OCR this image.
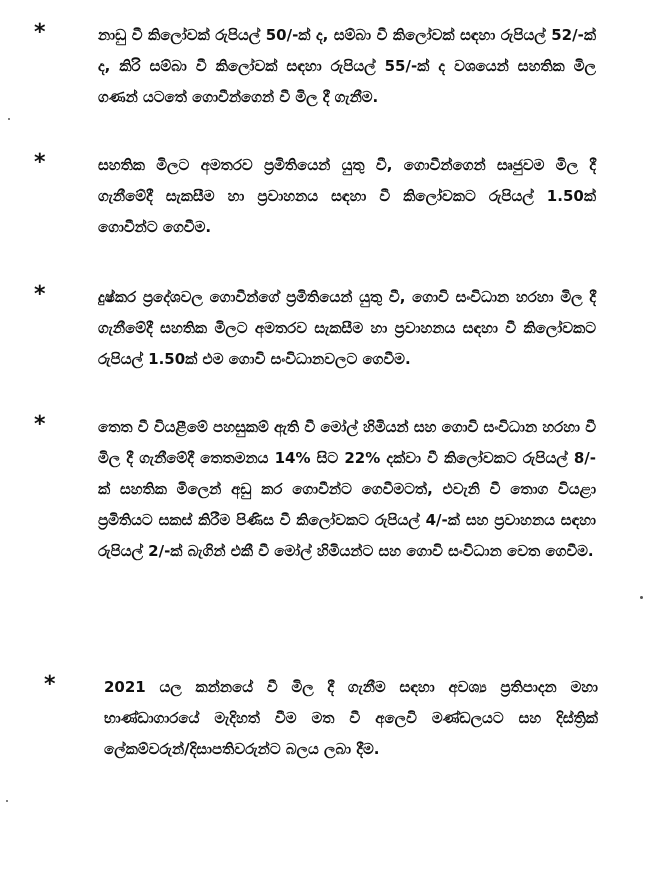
*	නාඩු වී කිලෝවක් රුපියල් 50/-ක් ද, සම්බා වී කිලෝවක් සඳහා රුපියල් 52/-ක් ද, කිරි සම්බා වී කිලෝවක් සඳහා රුපියල් 55/-ක් ද වශයෙන් සහතික මිල ගණන් යටතේ ගොවීන්ගෙන් වී මිල දී ගැනීම.

*	සහතික මිලට අමතරව ප්‍රමිතියෙන් යුතු වී, ගොවීන්ගෙන් සෘජුවම මිල දී ගැනීමේදී සැකසීම හා ප්‍රවාහනය සඳහා වී කිලෝවකට රුපියල් 1.50ක් ගොවීන්ට ගෙවීම.

*	දුෂ්කර ප්‍රදේශවල ගොවීන්ගේ ප්‍රමිතියෙන් යුතු වී, ගොවි සංවිධාන හරහා මිල දී ගැනීමේදී සහතික මිලට අමතරව සැකසීම හා ප්‍රවාහනය සඳහා වී කිලෝවකට රුපියල් 1.50ක් එම ගොවි සංවිධානවලට ගෙවීම.

*	තෙත වී වියළීමේ පහසුකම් ඇති වී මෝල් හිමියන් සහ ගොවි සංවිධාන හරහා වී මිල දී ගැනීමේදී තෙතමනය 14% සිට 22% දක්වා වී කිලෝවකට රුපියල් 8/-ක් සහතික මිලෙන් අඩු කර ගොවීන්ට ගෙවීමටත්, එවැනි වී තොග වියළා ප්‍රමිතියට සකස් කිරීම පිණිස වී කිලෝවකට රුපියල් 4/-ක් සහ ප්‍රවාහනය සඳහා රුපියල් 2/-ක් බැගින් එකී වී මෝල් හිමියන්ට සහ ගොවි සංවිධාන වෙත ගෙවීම.

*	2021 යල කන්නයේ වී මිල දී ගැනීම සඳහා අවශ්‍ය ප්‍රතිපාදන මහා භාණ්ඩාගාරයේ මැදිහත් වීම මත වී අලෙවි මණ්ඩලයට සහ දිස්ත්‍රික් ලේකම්වරුන්/දිසාපතිවරුන්ට බලය ලබා දීම.
